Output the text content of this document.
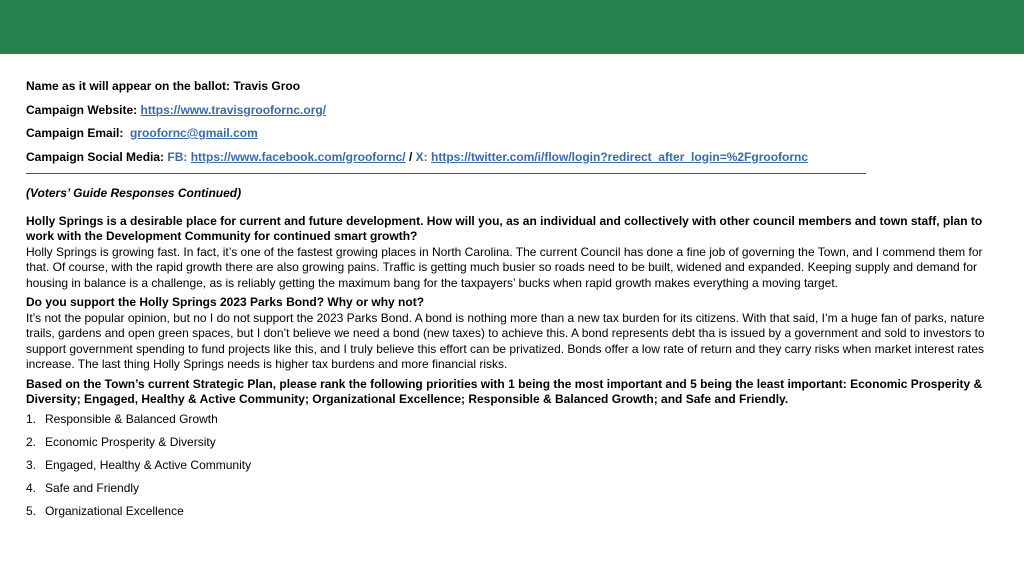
Name as it will appear on the ballot: Travis Groo

Campaign Website: https://www.travisgroofornc.org/

Campaign Email: groofornc@gmail.com

Campaign Social Media: FB: https://www.facebook.com/groofornc/ / X: https://twitter.com/i/flow/login?redirect_after_login=%2Fgroofornc

(Voters’ Guide Responses Continued)

Holly Springs is a desirable place for current and future development. How will you, as an individual and collectively with other council members and town staff, plan to work with the Development Community for continued smart growth?

Holly Springs is growing fast. In fact, it’s one of the fastest growing places in North Carolina. The current Council has done a fine job of governing the Town, and I commend them for that. Of course, with the rapid growth there are also growing pains. Traffic is getting much busier so roads need to be built, widened and expanded. Keeping supply and demand for housing in balance is a challenge, as is reliably getting the maximum bang for the taxpayers’ bucks when rapid growth makes everything a moving target.

Do you support the Holly Springs 2023 Parks Bond? Why or why not?

It’s not the popular opinion, but no I do not support the 2023 Parks Bond. A bond is nothing more than a new tax burden for its citizens. With that said, I’m a huge fan of parks, nature trails, gardens and open green spaces, but I don’t believe we need a bond (new taxes) to achieve this. A bond represents debt tha is issued by a government and sold to investors to support government spending to fund projects like this, and I truly believe this effort can be privatized. Bonds offer a low rate of return and they carry risks when market interest rates increase. The last thing Holly Springs needs is higher tax burdens and more financial risks.

Based on the Town’s current Strategic Plan, please rank the following priorities with 1 being the most important and 5 being the least important: Economic Prosperity & Diversity; Engaged, Healthy & Active Community; Organizational Excellence; Responsible & Balanced Growth; and Safe and Friendly.

1. Responsible & Balanced Growth
2. Economic Prosperity & Diversity
3. Engaged, Healthy & Active Community
4. Safe and Friendly
5. Organizational Excellence
